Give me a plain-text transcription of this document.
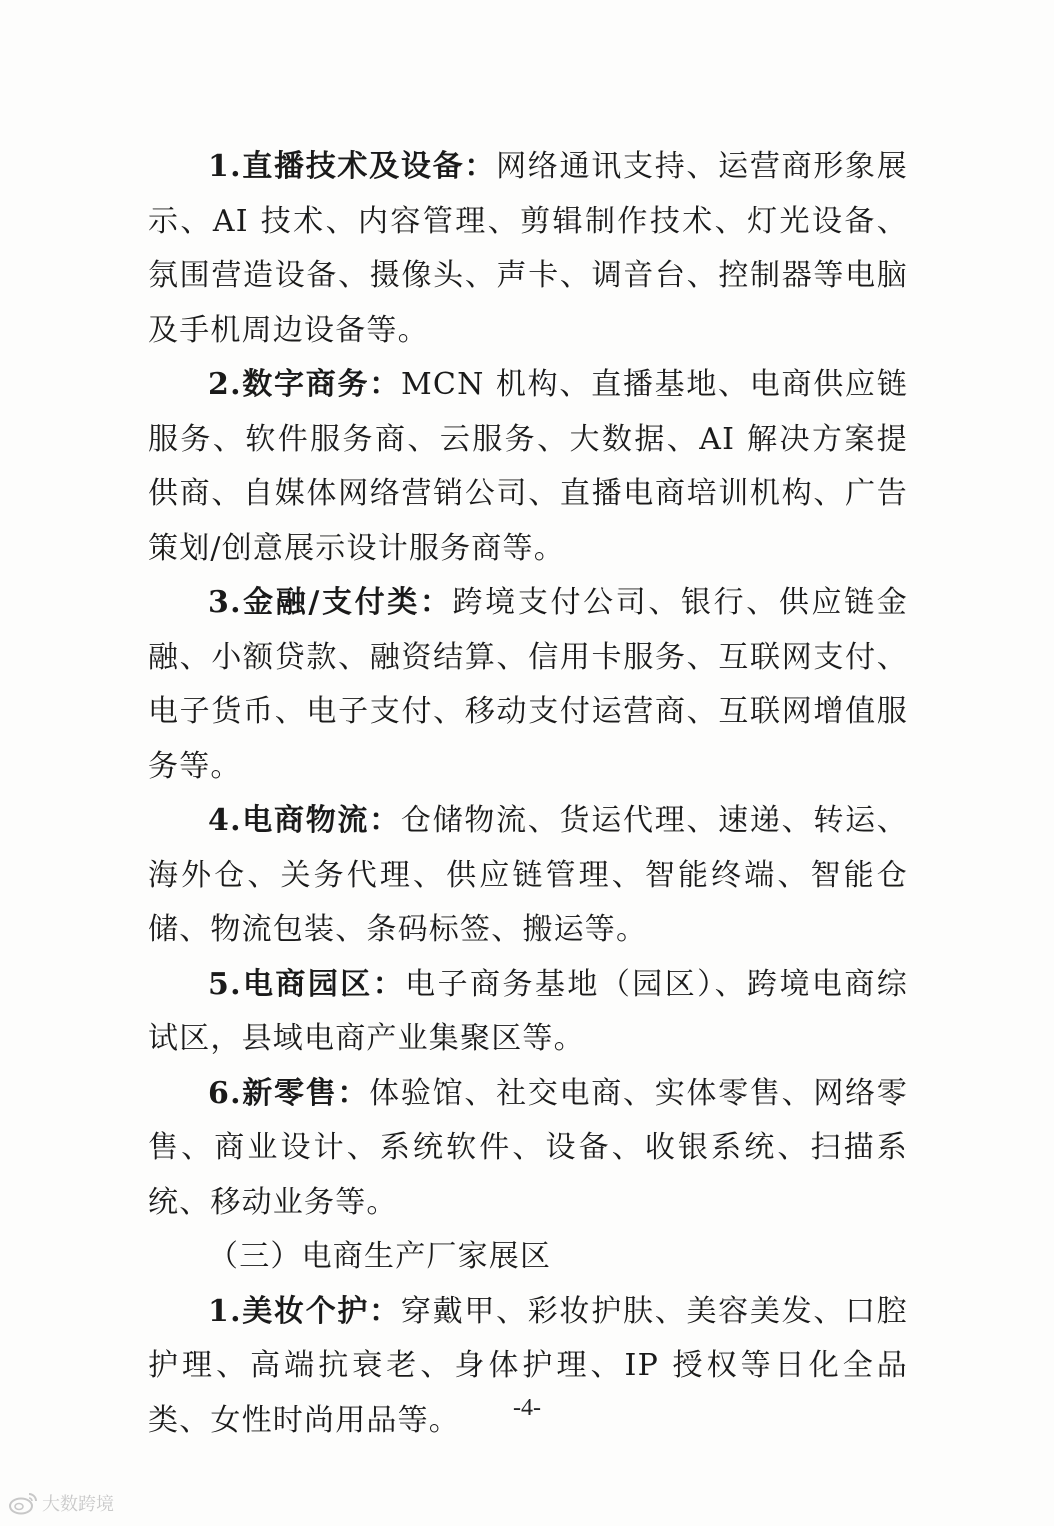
1.直播技术及设备：网络通讯支持、运营商形象展示、AI 技术、内容管理、剪辑制作技术、灯光设备、氛围营造设备、摄像头、声卡、调音台、控制器等电脑及手机周边设备等。

2.数字商务：MCN 机构、直播基地、电商供应链服务、软件服务商、云服务、大数据、AI 解决方案提供商、自媒体网络营销公司、直播电商培训机构、广告策划/创意展示设计服务商等。

3.金融/支付类：跨境支付公司、银行、供应链金融、小额贷款、融资结算、信用卡服务、互联网支付、电子货币、电子支付、移动支付运营商、互联网增值服务等。

4.电商物流：仓储物流、货运代理、速递、转运、海外仓、关务代理、供应链管理、智能终端、智能仓储、物流包装、条码标签、搬运等。

5.电商园区：电子商务基地（园区）、跨境电商综试区，县域电商产业集聚区等。

6.新零售：体验馆、社交电商、实体零售、网络零售、商业设计、系统软件、设备、收银系统、扫描系统、移动业务等。

（三）电商生产厂家展区

1.美妆个护：穿戴甲、彩妆护肤、美容美发、口腔护理、高端抗衰老、身体护理、IP 授权等日化全品类、女性时尚用品等。	-4-
大数跨境
